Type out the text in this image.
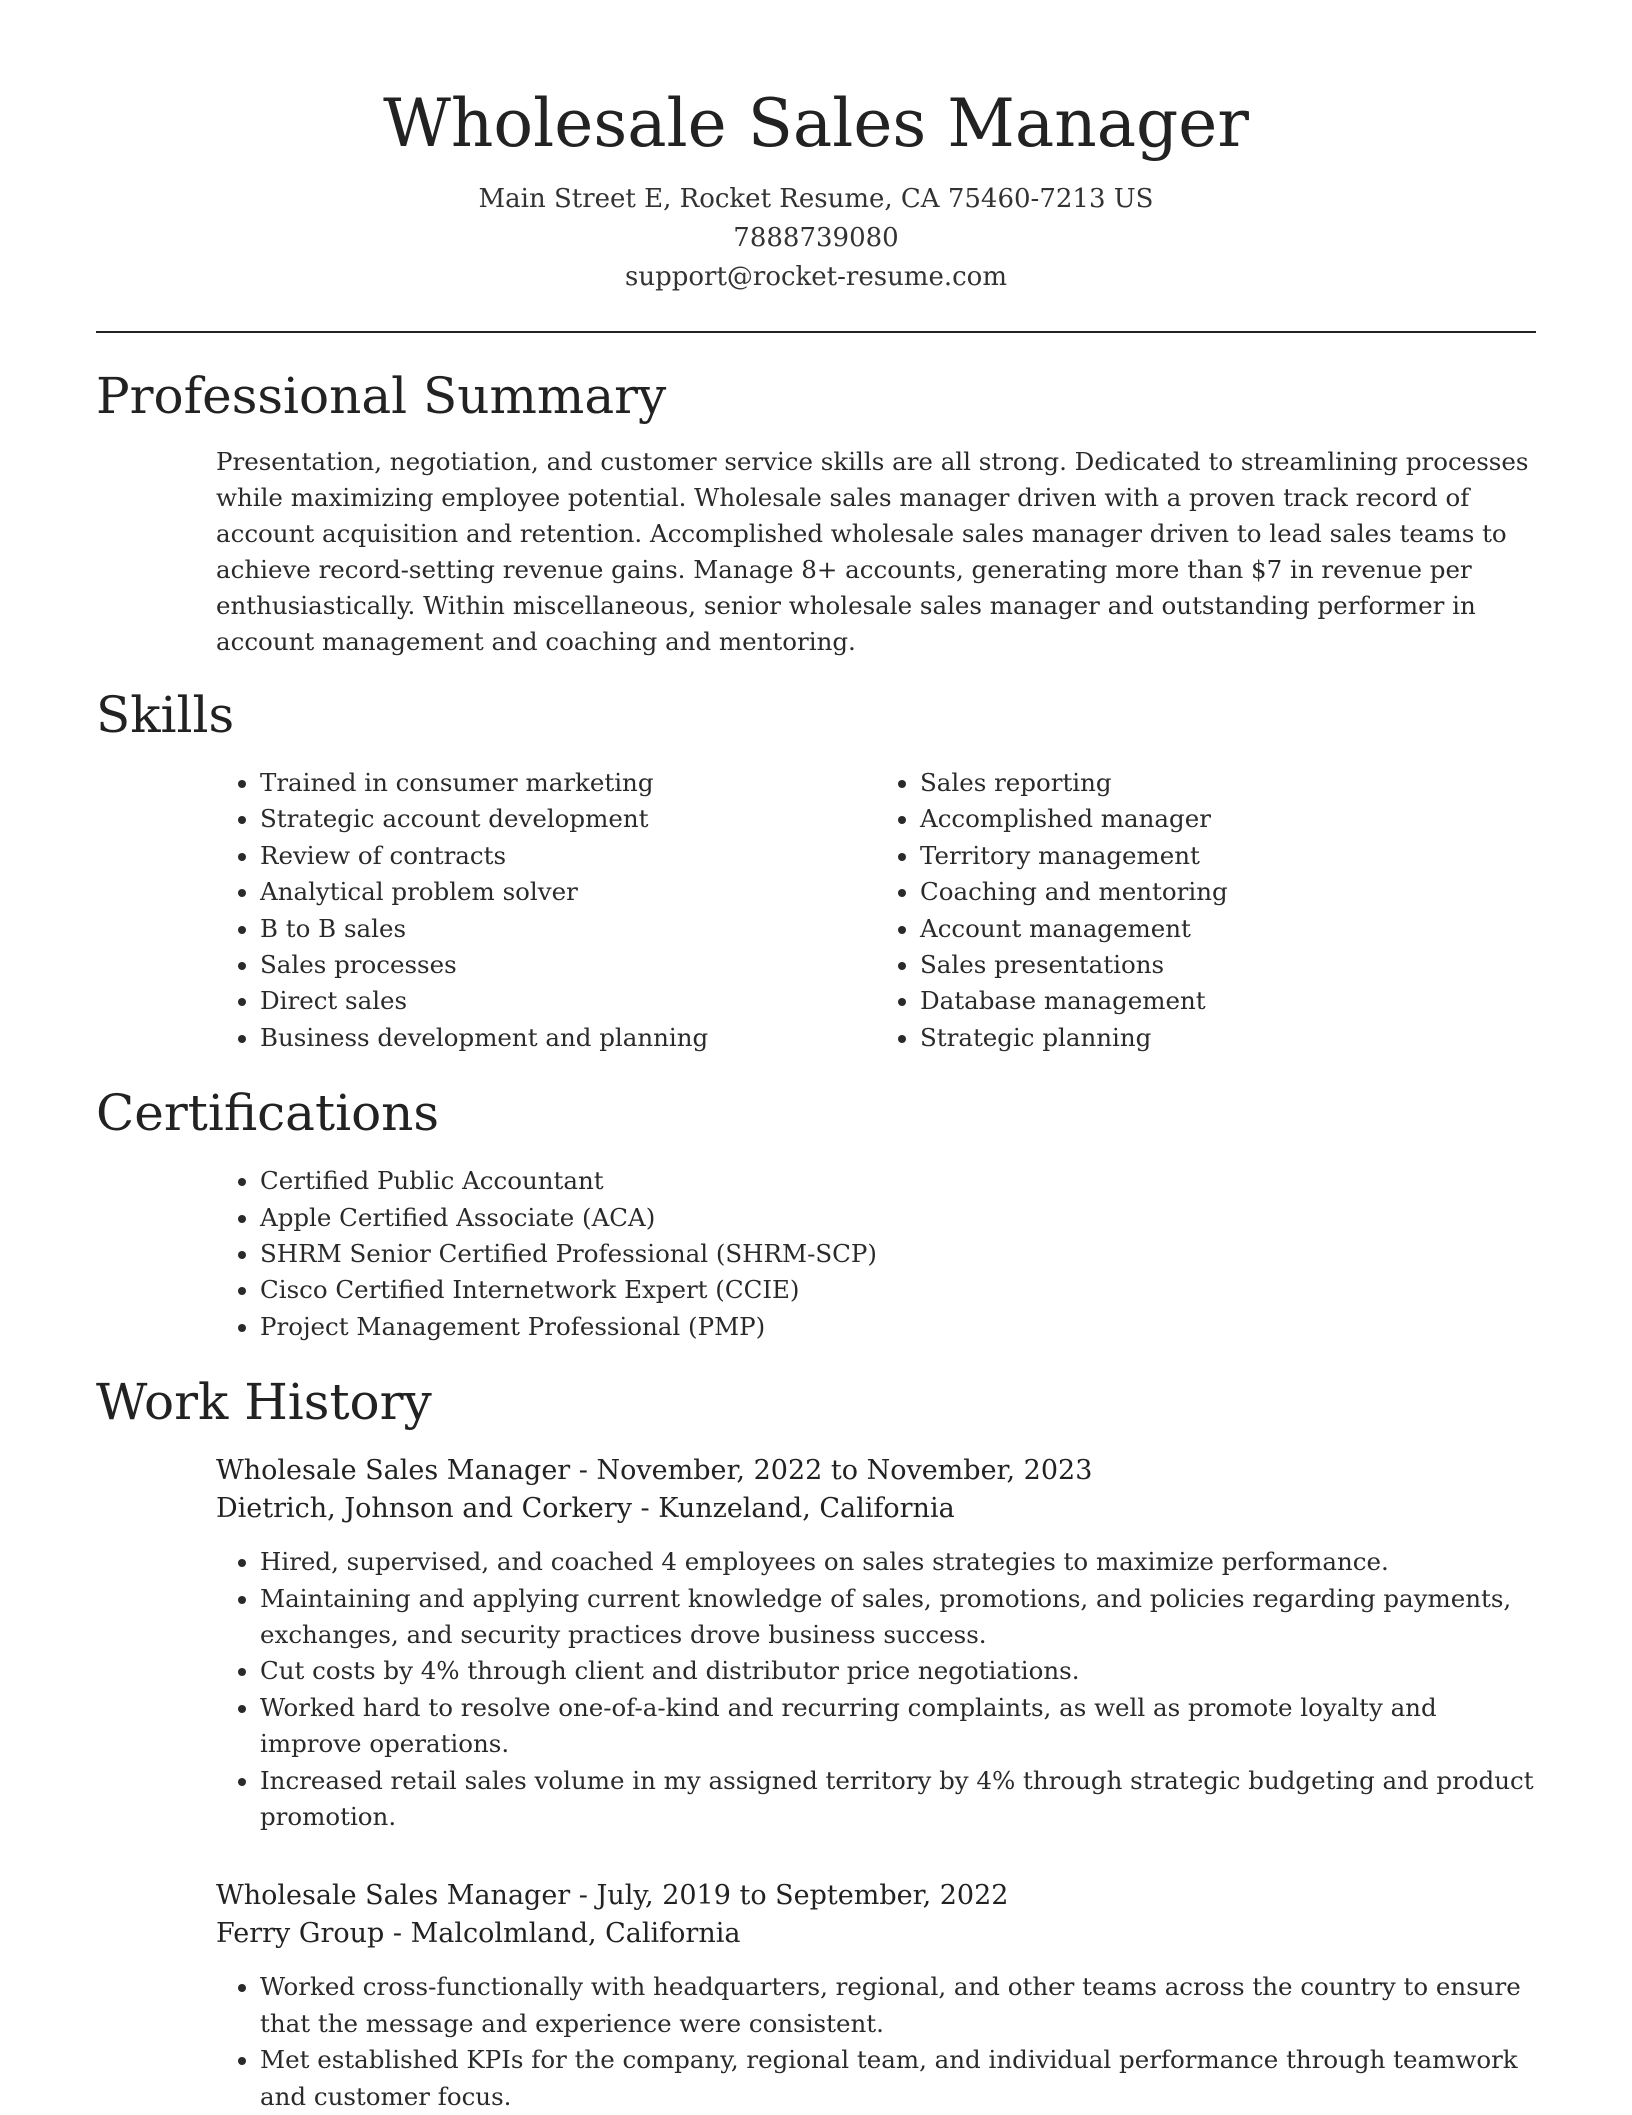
Wholesale Sales Manager
Main Street E, Rocket Resume, CA 75460-7213 US
7888739080
support@rocket-resume.com
Professional Summary

Presentation, negotiation, and customer service skills are all strong. Dedicated to streamlining processes while maximizing employee potential. Wholesale sales manager driven with a proven track record of account acquisition and retention. Accomplished wholesale sales manager driven to lead sales teams to achieve record-setting revenue gains. Manage 8+ accounts, generating more than $7 in revenue per enthusiastically. Within miscellaneous, senior wholesale sales manager and outstanding performer in account management and coaching and mentoring.

Skills
• Trained in consumer marketing
• Strategic account development
• Review of contracts
• Analytical problem solver
• B to B sales
• Sales processes
• Direct sales
• Business development and planning
• Sales reporting
• Accomplished manager
• Territory management
• Coaching and mentoring
• Account management
• Sales presentations
• Database management
• Strategic planning
Certifications
• Certified Public Accountant
• Apple Certified Associate (ACA)
• SHRM Senior Certified Professional (SHRM-SCP)
• Cisco Certified Internetwork Expert (CCIE)
• Project Management Professional (PMP)
Work History
Wholesale Sales Manager - November, 2022 to November, 2023
Dietrich, Johnson and Corkery - Kunzeland, California
• Hired, supervised, and coached 4 employees on sales strategies to maximize performance.
• Maintaining and applying current knowledge of sales, promotions, and policies regarding payments, exchanges, and security practices drove business success.
• Cut costs by 4% through client and distributor price negotiations.
• Worked hard to resolve one-of-a-kind and recurring complaints, as well as promote loyalty and improve operations.
• Increased retail sales volume in my assigned territory by 4% through strategic budgeting and product promotion.
Wholesale Sales Manager - July, 2019 to September, 2022
Ferry Group - Malcolmland, California
• Worked cross-functionally with headquarters, regional, and other teams across the country to ensure that the message and experience were consistent.
• Met established KPIs for the company, regional team, and individual performance through teamwork and customer focus.
